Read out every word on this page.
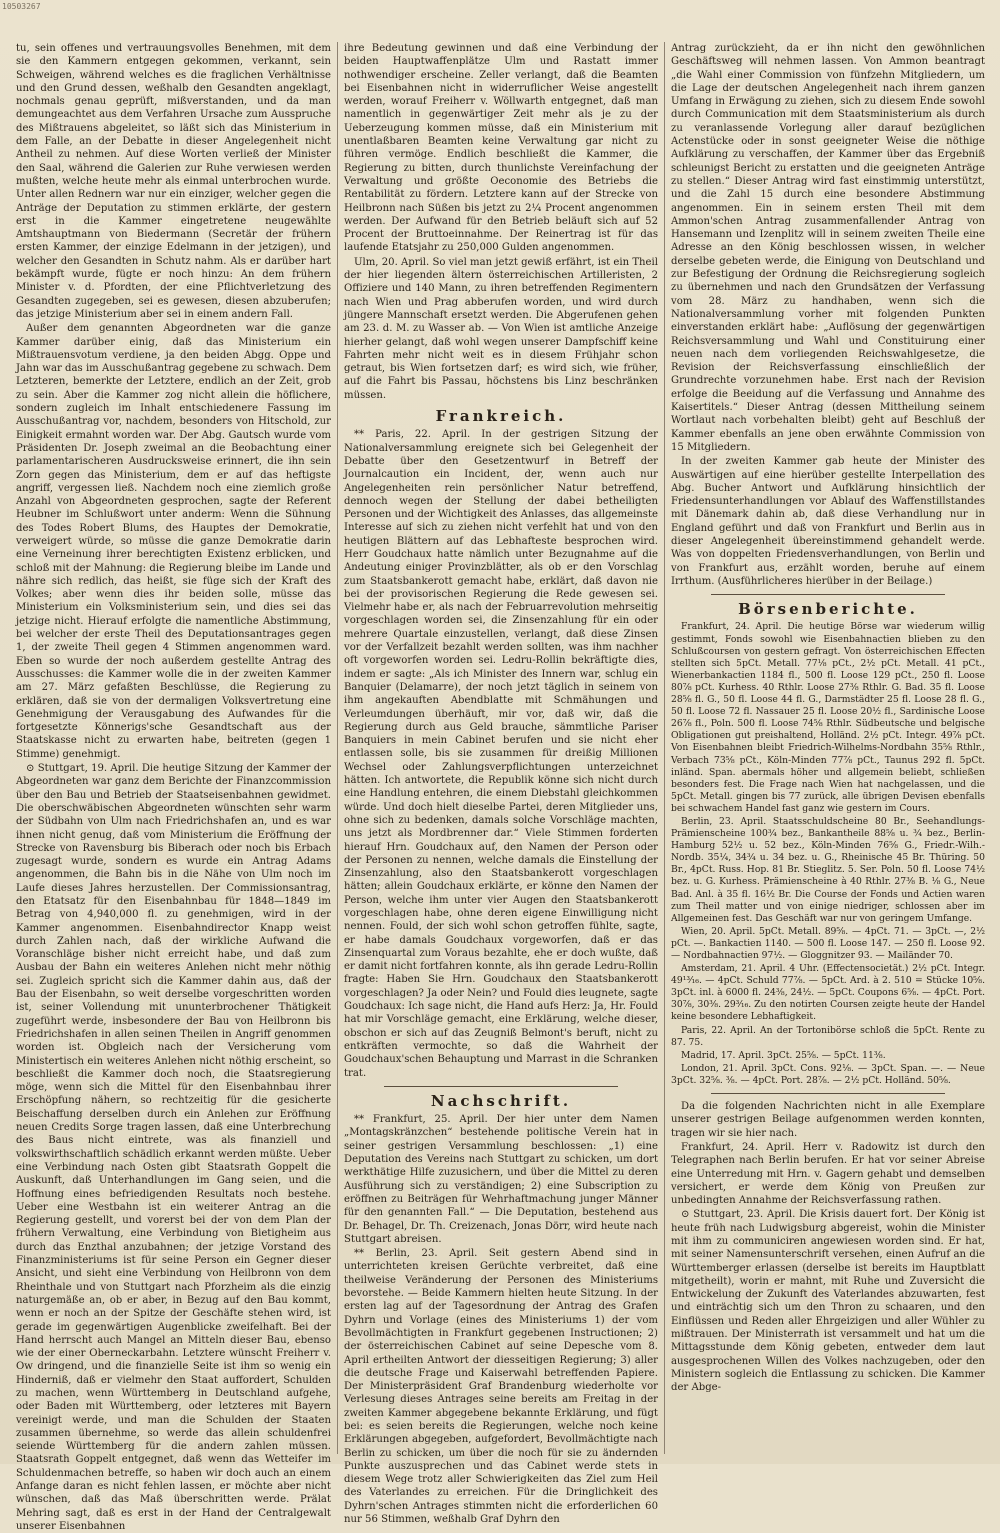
10503267

tu, sein offenes und vertrauungsvolles Benehmen, mit dem sie den Kammern entgegen gekommen, verkannt, sein Schweigen, während welches es die fraglichen Verhältnisse und den Grund dessen, weßhalb den Gesandten angeklagt, nochmals genau geprüft, mißverstanden, und da man demungeachtet aus dem Verfahren Ursache zum Ausspruche des Mißtrauens abgeleitet, so läßt sich das Ministerium in dem Falle, an der Debatte in dieser Angelegenheit nicht Antheil zu nehmen. Auf diese Worten verließ der Minister den Saal, während die Galerien zur Ruhe verwiesen werden mußten, welche heute mehr als einmal unterbrochen wurde. Unter allen Rednern war nur ein einziger, welcher gegen die Anträge der Deputation zu stimmen erklärte, der gestern erst in die Kammer eingetretene neugewählte Amtshauptmann von Biedermann (Secretär der frühern ersten Kammer, der einzige Edelmann in der jetzigen), und welcher den Gesandten in Schutz nahm. Als er darüber hart bekämpft wurde, fügte er noch hinzu: An dem frühern Minister v. d. Pfordten, der eine Pflichtverletzung des Gesandten zugegeben, sei es gewesen, diesen abzuberufen; das jetzige Ministerium aber sei in einem andern Fall.

Außer dem genannten Abgeordneten war die ganze Kammer darüber einig, daß das Ministerium ein Mißtrauensvotum verdiene, ja den beiden Abgg. Oppe und Jahn war das im Ausschußantrag gegebene zu schwach. Dem Letzteren, bemerkte der Letztere, endlich an der Zeit, grob zu sein. Aber die Kammer zog nicht allein die höflichere, sondern zugleich im Inhalt entschiedenere Fassung im Ausschußantrag vor, nachdem, besonders von Hitschold, zur Einigkeit ermahnt worden war. Der Abg. Gautsch wurde vom Präsidenten Dr. Joseph zweimal an die Beobachtung einer parlamentarischeren Ausdrucksweise erinnert, die ihn sein Zorn gegen das Ministerium, dem er auf das heftigste angriff, vergessen ließ. Nachdem noch eine ziemlich große Anzahl von Abgeordneten gesprochen, sagte der Referent Heubner im Schlußwort unter anderm: Wenn die Sühnung des Todes Robert Blums, des Hauptes der Demokratie, verweigert würde, so müsse die ganze Demokratie darin eine Verneinung ihrer berechtigten Existenz erblicken, und schloß mit der Mahnung: die Regierung bleibe im Lande und nähre sich redlich, das heißt, sie füge sich der Kraft des Volkes; aber wenn dies ihr beiden solle, müsse das Ministerium ein Volksministerium sein, und dies sei das jetzige nicht. Hierauf erfolgte die namentliche Abstimmung, bei welcher der erste Theil des Deputationsantrages gegen 1, der zweite Theil gegen 4 Stimmen angenommen ward. Eben so wurde der noch außerdem gestellte Antrag des Ausschusses: die Kammer wolle die in der zweiten Kammer am 27. März gefaßten Beschlüsse, die Regierung zu erklären, daß sie von der dermaligen Volksvertretung eine Genehmigung der Verausgabung des Aufwandes für die fortgesetzte Könnerigs'sche Gesandtschaft aus der Staatskasse nicht zu erwarten habe, beitreten (gegen 1 Stimme) genehmigt.

⊙ Stuttgart, 19. April. Die heutige Sitzung der Kammer der Abgeordneten war ganz dem Berichte der Finanzcommission über den Bau und Betrieb der Staatseisenbahnen gewidmet. Die oberschwäbischen Abgeordneten wünschten sehr warm der Südbahn von Ulm nach Friedrichshafen an, und es war ihnen nicht genug, daß vom Ministerium die Eröffnung der Strecke von Ravensburg bis Biberach oder noch bis Erbach zugesagt wurde, sondern es wurde ein Antrag Adams angenommen, die Bahn bis in die Nähe von Ulm noch im Laufe dieses Jahres herzustellen. Der Commissionsantrag, den Etatsatz für den Eisenbahnbau für 1848—1849 im Betrag von 4,940,000 fl. zu genehmigen, wird in der Kammer angenommen. Eisenbahndirector Knapp weist durch Zahlen nach, daß der wirkliche Aufwand die Voranschläge bisher nicht erreicht habe, und daß zum Ausbau der Bahn ein weiteres Anlehen nicht mehr nöthig sei. Zugleich spricht sich die Kammer dahin aus, daß der Bau der Eisenbahn, so weit derselbe vorgeschritten worden ist, seiner Vollendung mit ununterbrochener Thätigkeit zugeführt werde, insbesondere der Bau von Heilbronn bis Friedrichshafen in allen seinen Theilen in Angriff genommen worden ist. Obgleich nach der Versicherung vom Ministertisch ein weiteres Anlehen nicht nöthig erscheint, so beschließt die Kammer doch noch, die Staatsregierung möge, wenn sich die Mittel für den Eisenbahnbau ihrer Erschöpfung nähern, so rechtzeitig für die gesicherte Beischaffung derselben durch ein Anlehen zur Eröffnung neuen Credits Sorge tragen lassen, daß eine Unterbrechung des Baus nicht eintrete, was als finanziell und volkswirthschaftlich schädlich erkannt werden müßte. Ueber eine Verbindung nach Osten gibt Staatsrath Goppelt die Auskunft, daß Unterhandlungen im Gang seien, und die Hoffnung eines befriedigenden Resultats noch bestehe. Ueber eine Westbahn ist ein weiterer Antrag an die Regierung gestellt, und vorerst bei der von dem Plan der frühern Verwaltung, eine Verbindung von Bietigheim aus durch das Enzthal anzubahnen; der jetzige Vorstand des Finanzministeriums ist für seine Person ein Gegner dieser Ansicht, und sieht eine Verbindung von Heilbronn von dem Rheinthale und von Stuttgart nach Pforzheim als die einzig naturgemäße an, ob er aber, in Bezug auf den Bau kommt, wenn er noch an der Spitze der Geschäfte stehen wird, ist gerade im gegenwärtigen Augenblicke zweifelhaft. Bei der Hand herrscht auch Mangel an Mitteln dieser Bau, ebenso wie der einer Oberneckarbahn. Letztere wünscht Freiherr v. Ow dringend, und die finanzielle Seite ist ihm so wenig ein Hinderniß, daß er vielmehr den Staat auffordert, Schulden zu machen, wenn Württemberg in Deutschland aufgehe, oder Baden mit Württemberg, oder letzteres mit Bayern vereinigt werde, und man die Schulden der Staaten zusammen übernehme, so werde das allein schuldenfrei seiende Württemberg für die andern zahlen müssen. Staatsrath Goppelt entgegnet, daß wenn das Wetteifer im Schuldenmachen betreffe, so haben wir doch auch an einem Anfange daran es nicht fehlen lassen, er möchte aber nicht wünschen, daß das Maß überschritten werde. Prälat Mehring sagt, daß es erst in der Hand der Centralgewalt unserer Eisenbahnen

ihre Bedeutung gewinnen und daß eine Verbindung der beiden Hauptwaffenplätze Ulm und Rastatt immer nothwendiger erscheine. Zeller verlangt, daß die Beamten bei Eisenbahnen nicht in widerruflicher Weise angestellt werden, worauf Freiherr v. Wöllwarth entgegnet, daß man namentlich in gegenwärtiger Zeit mehr als je zu der Ueberzeugung kommen müsse, daß ein Ministerium mit unentlaßbaren Beamten keine Verwaltung gar nicht zu führen vermöge. Endlich beschließt die Kammer, die Regierung zu bitten, durch thunlichste Vereinfachung der Verwaltung und größte Oeconomie des Betriebs die Rentabilität zu fördern. Letztere kann auf der Strecke von Heilbronn nach Süßen bis jetzt zu 2¼ Procent angenommen werden. Der Aufwand für den Betrieb beläuft sich auf 52 Procent der Bruttoeinnahme. Der Reinertrag ist für das laufende Etatsjahr zu 250,000 Gulden angenommen.

Ulm, 20. April. So viel man jetzt gewiß erfährt, ist ein Theil der hier liegenden ältern österreichischen Artilleristen, 2 Offiziere und 140 Mann, zu ihren betreffenden Regimentern nach Wien und Prag abberufen worden, und wird durch jüngere Mannschaft ersetzt werden. Die Abgerufenen gehen am 23. d. M. zu Wasser ab. — Von Wien ist amtliche Anzeige hierher gelangt, daß wohl wegen unserer Dampfschiff keine Fahrten mehr nicht weit es in diesem Frühjahr schon getraut, bis Wien fortsetzen darf; es wird sich, wie früher, auf die Fahrt bis Passau, höchstens bis Linz beschränken müssen.

Frankreich.

** Paris, 22. April. In der gestrigen Sitzung der Nationalversammlung ereignete sich bei Gelegenheit der Debatte über den Gesetzentwurf in Betreff der Journalcaution ein Incident, der, wenn auch nur Angelegenheiten rein persönlicher Natur betreffend, dennoch wegen der Stellung der dabei betheiligten Personen und der Wichtigkeit des Anlasses, das allgemeinste Interesse auf sich zu ziehen nicht verfehlt hat und von den heutigen Blättern auf das Lebhafteste besprochen wird. Herr Goudchaux hatte nämlich unter Bezugnahme auf die Andeutung einiger Provinzblätter, als ob er den Vorschlag zum Staatsbankerott gemacht habe, erklärt, daß davon nie bei der provisorischen Regierung die Rede gewesen sei. Vielmehr habe er, als nach der Februarrevolution mehrseitig vorgeschlagen worden sei, die Zinsenzahlung für ein oder mehrere Quartale einzustellen, verlangt, daß diese Zinsen vor der Verfallzeit bezahlt werden sollten, was ihm nachher oft vorgeworfen worden sei. Ledru-Rollin bekräftigte dies, indem er sagte: „Als ich Minister des Innern war, schlug ein Banquier (Delamarre), der noch jetzt täglich in seinem von ihm angekauften Abendblatte mit Schmähungen und Verleumdungen überhäuft, mir vor, daß wir, daß die Regierung durch aus Geld brauche, sämmtliche Pariser Banquiers in mein Cabinet berufen und sie nicht eher entlassen solle, bis sie zusammen für dreißig Millionen Wechsel oder Zahlungsverpflichtungen unterzeichnet hätten. Ich antwortete, die Republik könne sich nicht durch eine Handlung entehren, die einem Diebstahl gleichkommen würde. Und doch hielt dieselbe Partei, deren Mitglieder uns, ohne sich zu bedenken, damals solche Vorschläge machten, uns jetzt als Mordbrenner dar.“ Viele Stimmen forderten hierauf Hrn. Goudchaux auf, den Namen der Person oder der Personen zu nennen, welche damals die Einstellung der Zinsenzahlung, also den Staatsbankerott vorgeschlagen hätten; allein Goudchaux erklärte, er könne den Namen der Person, welche ihm unter vier Augen den Staatsbankerott vorgeschlagen habe, ohne deren eigene Einwilligung nicht nennen. Fould, der sich wohl schon getroffen fühlte, sagte, er habe damals Goudchaux vorgeworfen, daß er das Zinsenquartal zum Voraus bezahlte, ehe er doch wußte, daß er damit nicht fortfahren konnte, als ihn gerade Ledru-Rollin fragte: Haben Sie Hrn. Goudchaux den Staatsbankerott vorgeschlagen? Ja oder Nein? und Fould dies leugnete, sagte Goudchaux: Ich sage nicht, die Hand aufs Herz: Ja, Hr. Fould hat mir Vorschläge gemacht, eine Erklärung, welche dieser, obschon er sich auf das Zeugniß Belmont's beruft, nicht zu entkräften vermochte, so daß die Wahrheit der Goudchaux'schen Behauptung und Marrast in die Schranken trat.

Nachschrift.

** Frankfurt, 25. April. Der hier unter dem Namen „Montagskränzchen“ bestehende politische Verein hat in seiner gestrigen Versammlung beschlossen: „1) eine Deputation des Vereins nach Stuttgart zu schicken, um dort werkthätige Hilfe zuzusichern, und über die Mittel zu deren Ausführung sich zu verständigen; 2) eine Subscription zu eröffnen zu Beiträgen für Wehrhaftmachung junger Männer für den genannten Fall.“ — Die Deputation, bestehend aus Dr. Behagel, Dr. Th. Creizenach, Jonas Dörr, wird heute nach Stuttgart abreisen.

** Berlin, 23. April. Seit gestern Abend sind in unterrichteten kreisen Gerüchte verbreitet, daß eine theilweise Veränderung der Personen des Ministeriums bevorstehe. — Beide Kammern hielten heute Sitzung. In der ersten lag auf der Tagesordnung der Antrag des Grafen Dyhrn und Vorlage (eines des Ministeriums 1) der vom Bevollmächtigten in Frankfurt gegebenen Instructionen; 2) der österreichischen Cabinet auf seine Depesche vom 8. April ertheilten Antwort der diesseitigen Regierung; 3) aller die deutsche Frage und Kaiserwahl betreffenden Papiere. Der Ministerpräsident Graf Brandenburg wiederholte vor Verlesung dieses Antrages seine bereits am Freitag in der zweiten Kammer abgegebene bekannte Erklärung, und fügt bei: es seien bereits die Regierungen, welche noch keine Erklärungen abgegeben, aufgefordert, Bevollmächtigte nach Berlin zu schicken, um über die noch für sie zu ändernden Punkte auszusprechen und das Cabinet werde stets in diesem Wege trotz aller Schwierigkeiten das Ziel zum Heil des Vaterlandes zu erreichen. Für die Dringlichkeit des Dyhrn'schen Antrages stimmten nicht die erforderlichen 60 nur 56 Stimmen, weßhalb Graf Dyhrn den

Antrag zurückzieht, da er ihn nicht den gewöhnlichen Geschäftsweg will nehmen lassen. Von Ammon beantragt „die Wahl einer Commission von fünfzehn Mitgliedern, um die Lage der deutschen Angelegenheit nach ihrem ganzen Umfang in Erwägung zu ziehen, sich zu diesem Ende sowohl durch Communication mit dem Staatsministerium als durch zu veranlassende Vorlegung aller darauf bezüglichen Actenstücke oder in sonst geeigneter Weise die nöthige Aufklärung zu verschaffen, der Kammer über das Ergebniß schleunigst Bericht zu erstatten und die geeigneten Anträge zu stellen.“ Dieser Antrag wird fast einstimmig unterstützt, und die Zahl 15 durch eine besondere Abstimmung angenommen. Ein in seinem ersten Theil mit dem Ammon'schen Antrag zusammenfallender Antrag von Hansemann und Izenplitz will in seinem zweiten Theile eine Adresse an den König beschlossen wissen, in welcher derselbe gebeten werde, die Einigung von Deutschland und zur Befestigung der Ordnung die Reichsregierung sogleich zu übernehmen und nach den Grundsätzen der Verfassung vom 28. März zu handhaben, wenn sich die Nationalversammlung vorher mit folgenden Punkten einverstanden erklärt habe: „Auflösung der gegenwärtigen Reichsversammlung und Wahl und Constituirung einer neuen nach dem vorliegenden Reichswahlgesetze, die Revision der Reichsverfassung einschließlich der Grundrechte vorzunehmen habe. Erst nach der Revision erfolge die Beeidung auf die Verfassung und Annahme des Kaisertitels.“ Dieser Antrag (dessen Mittheilung seinem Wortlaut nach vorbehalten bleibt) geht auf Beschluß der Kammer ebenfalls an jene oben erwähnte Commission von 15 Mitgliedern.

In der zweiten Kammer gab heute der Minister des Auswärtigen auf eine hierüber gestellte Interpellation des Abg. Bucher Antwort und Aufklärung hinsichtlich der Friedensunterhandlungen vor Ablauf des Waffenstillstandes mit Dänemark dahin ab, daß diese Verhandlung nur in England geführt und daß von Frankfurt und Berlin aus in dieser Angelegenheit übereinstimmend gehandelt werde. Was von doppelten Friedensverhandlungen, von Berlin und von Frankfurt aus, erzählt worden, beruhe auf einem Irrthum. (Ausführlicheres hierüber in der Beilage.)

Börsenberichte.

Frankfurt, 24. April. Die heutige Börse war wiederum willig gestimmt, Fonds sowohl wie Eisenbahnactien blieben zu den Schlußcoursen von gestern gefragt. Von österreichischen Effecten stellten sich 5pCt. Metall. 77⅛ pCt., 2½ pCt. Metall. 41 pCt., Wienerbankactien 1184 fl., 500 fl. Loose 129 pCt., 250 fl. Loose 80⅞ pCt. Kurhess. 40 Rthlr. Loose 27⅜ Rthlr. G. Bad. 35 fl. Loose 28⅝ fl. G., 50 fl. Loose 44 fl. G., Darmstädter 25 fl. Loose 28 fl. G., 50 fl. Loose 72 fl. Nassauer 25 fl. Loose 20½ fl., Sardinische Loose 26⅞ fl., Poln. 500 fl. Loose 74⅝ Rthlr. Südbeutsche und belgische Obligationen gut preishaltend, Holländ. 2½ pCt. Integr. 49⅞ pCt. Von Eisenbahnen bleibt Friedrich-Wilhelms-Nordbahn 35⅝ Rthlr., Verbach 73⅝ pCt., Köln-Minden 77⅞ pCt., Taunus 292 fl. 5pCt. inländ. Span. abermals höher und allgemein beliebt, schließen besonders fest. Die Frage nach Wien hat nachgelassen, und die 5pCt. Metall. gingen bis 77 zurück, alle übrigen Devisen ebenfalls bei schwachem Handel fast ganz wie gestern im Cours.

Berlin, 23. April. Staatsschuldscheine 80 Br., Seehandlungs-Prämienscheine 100¾ bez., Bankantheile 88⅝ u. ¾ bez., Berlin-Hamburg 52½ u. 52 bez., Köln-Minden 76⅝ G., Friedr.-Wilh.-Nordb. 35¼, 34¾ u. 34 bez. u. G., Rheinische 45 Br. Thüring. 50 Br., 4pCt. Russ. Hop. 81 Br. Stieglitz. 5. Ser. Poln. 50 fl. Loose 74½ bez. u. G. Kurhess. Prämienscheine à 40 Rthlr. 27⅜ B. ⅛ G., Neue Bad. Anl. à 35 fl. 16½ Br. Die Course der Fonds und Actien waren zum Theil matter und von einige niedriger, schlossen aber im Allgemeinen fest. Das Geschäft war nur von geringem Umfange.

Wien, 20. April. 5pCt. Metall. 89⅝. — 4pCt. 71. — 3pCt. —, 2½ pCt. —. Bankactien 1140. — 500 fl. Loose 147. — 250 fl. Loose 92. — Nordbahnactien 97½. — Gloggnitzer 93. — Mailänder 70.

Amsterdam, 21. April. 4 Uhr. (Effectensocietät.) 2½ pCt. Integr. 49¹³⁄₁₆. — 4pCt. Schuld 77⅞. — 5pCt. Ard. à 2. 510 = Stücke 10⅝. 3pCt. inl. à 6000 fl. 24⅜, 24½. — 5pCt. Coupons 6⅝. — 4pCt. Port. 30⅞, 30⅜. 29³⁄₁₆. Zu den notirten Coursen zeigte heute der Handel keine besondere Lebhaftigkeit.

Paris, 22. April. An der Tortonibörse schloß die 5pCt. Rente zu 87. 75.

Madrid, 17. April. 3pCt. 25⅝. — 5pCt. 11⅜.

London, 21. April. 3pCt. Cons. 92⅛. — 3pCt. Span. —. — Neue 3pCt. 32⅝. ⅜. — 4pCt. Port. 28⅞. — 2½ pCt. Holländ. 50⅝.

Da die folgenden Nachrichten nicht in alle Exemplare unserer gestrigen Beilage aufgenommen werden konnten, tragen wir sie hier nach.

Frankfurt, 24. April. Herr v. Radowitz ist durch den Telegraphen nach Berlin berufen. Er hat vor seiner Abreise eine Unterredung mit Hrn. v. Gagern gehabt und demselben versichert, er werde dem König von Preußen zur unbedingten Annahme der Reichsverfassung rathen.

⊙ Stuttgart, 23. April. Die Krisis dauert fort. Der König ist heute früh nach Ludwigsburg abgereist, wohin die Minister mit ihm zu communiciren angewiesen worden sind. Er hat, mit seiner Namensunterschrift versehen, einen Aufruf an die Württemberger erlassen (derselbe ist bereits im Hauptblatt mitgetheilt), worin er mahnt, mit Ruhe und Zuversicht die Entwickelung der Zukunft des Vaterlandes abzuwarten, fest und einträchtig sich um den Thron zu schaaren, und den Einflüssen und Reden aller Ehrgeizigen und aller Wühler zu mißtrauen. Der Ministerrath ist versammelt und hat um die Mittagsstunde dem König gebeten, entweder dem laut ausgesprochenen Willen des Volkes nachzugeben, oder den Ministern sogleich die Entlassung zu schicken. Die Kammer der Abge-
